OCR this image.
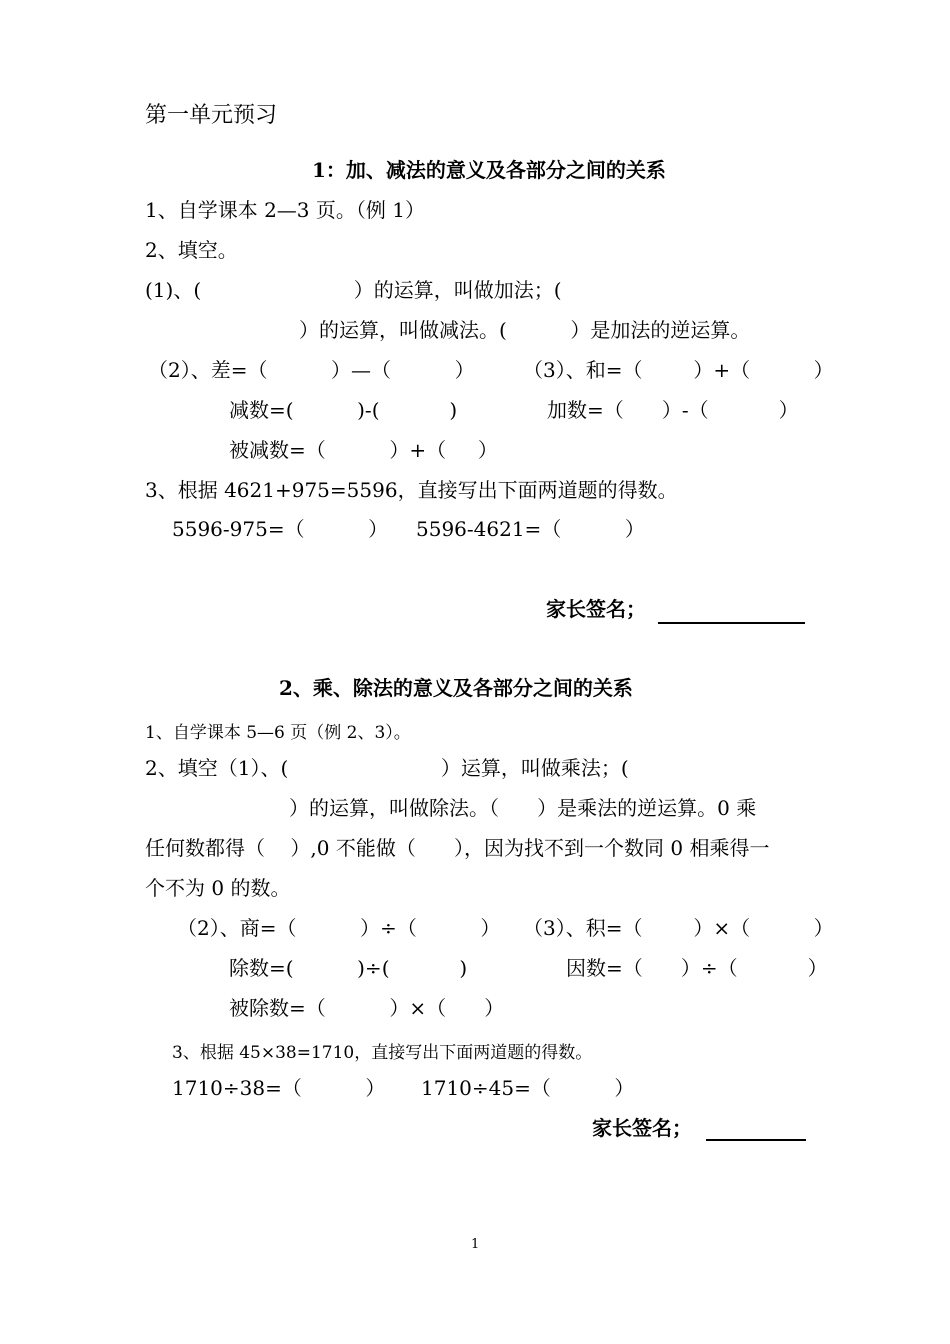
第一单元预习
1：加、减法的意义及各部分之间的关系
1、自学课本 2—3 页。（例 1）
2、填空。
(1)、(                        ）的运算，叫做加法；(
）的运算，叫做减法。(          ）是加法的逆运算。
（2）、差=（          ）—（          ） （3）、和=（        ）+（          ）
减数=(          )-(           )	加数=（      ）-（           ）
被减数=（          ）+（     ）
3、根据 4621+975=5596，直接写出下面两道题的得数。
5596-975=（          ） 5596-4621=（          ）
家长签名；
2、乘、除法的意义及各部分之间的关系
1、自学课本 5—6 页（例 2、3）。
2、填空（1）、(                        ）运算，叫做乘法；(
）的运算，叫做除法。（      ）是乘法的逆运算。0 乘
任何数都得（    ）,0 不能做（      ），因为找不到一个数同 0 相乘得一
个不为 0 的数。
（2）、商=（          ）÷（          ） （3）、积=（        ）×（          ）
除数=(          )÷(           )	因数=（      ）÷（           ）
被除数=（          ）×（      ）
3、根据 45×38=1710，直接写出下面两道题的得数。
1710÷38=（          ） 1710÷45=（          ）
家长签名；
1
